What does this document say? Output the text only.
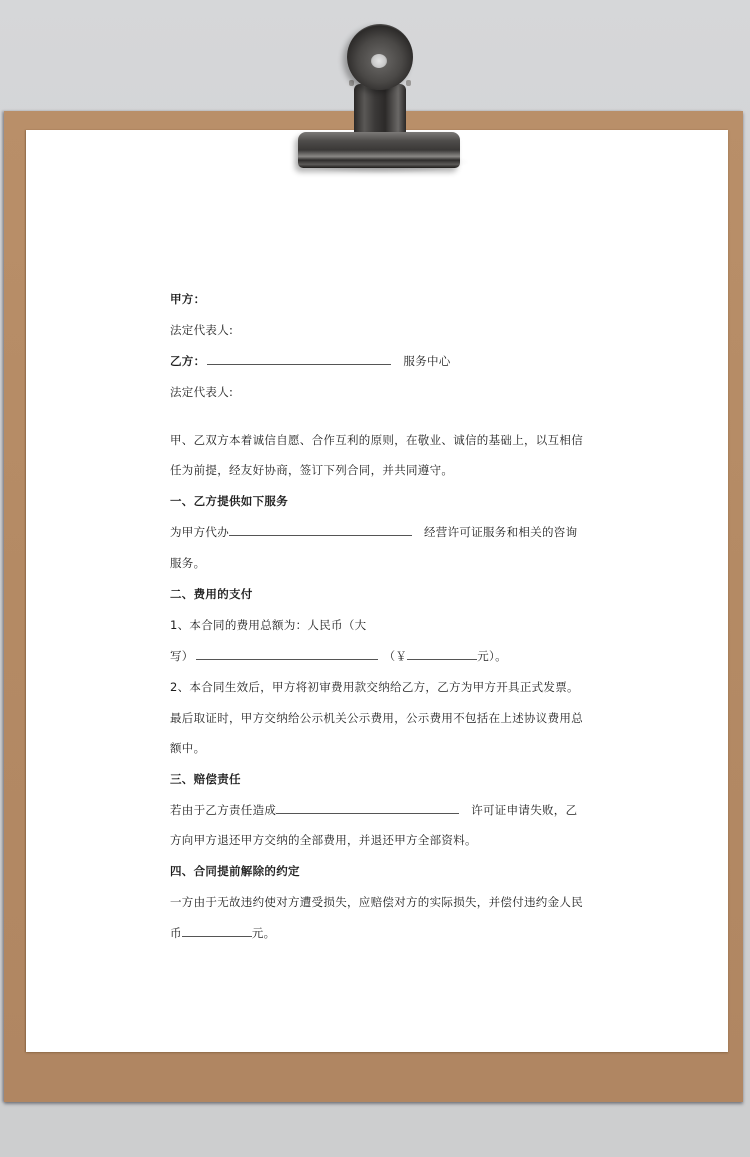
甲方：
法定代表人:
乙方：	服务中心
法定代表人:
甲、乙双方本着诚信自愿、合作互利的原则，在敬业、诚信的基础上，以互相信
任为前提，经友好协商，签订下列合同，并共同遵守。
一、乙方提供如下服务
为甲方代办	经营许可证服务和相关的咨询
服务。
二、费用的支付
1、本合同的费用总额为：人民币（大
写）	（￥	元）。
2、本合同生效后，甲方将初审费用款交纳给乙方，乙方为甲方开具正式发票。
最后取证时，甲方交纳给公示机关公示费用，公示费用不包括在上述协议费用总
额中。
三、赔偿责任
若由于乙方责任造成	许可证申请失败，乙
方向甲方退还甲方交纳的全部费用，并退还甲方全部资料。
四、合同提前解除的约定
一方由于无故违约使对方遭受损失，应赔偿对方的实际损失，并偿付违约金人民
币	元。
